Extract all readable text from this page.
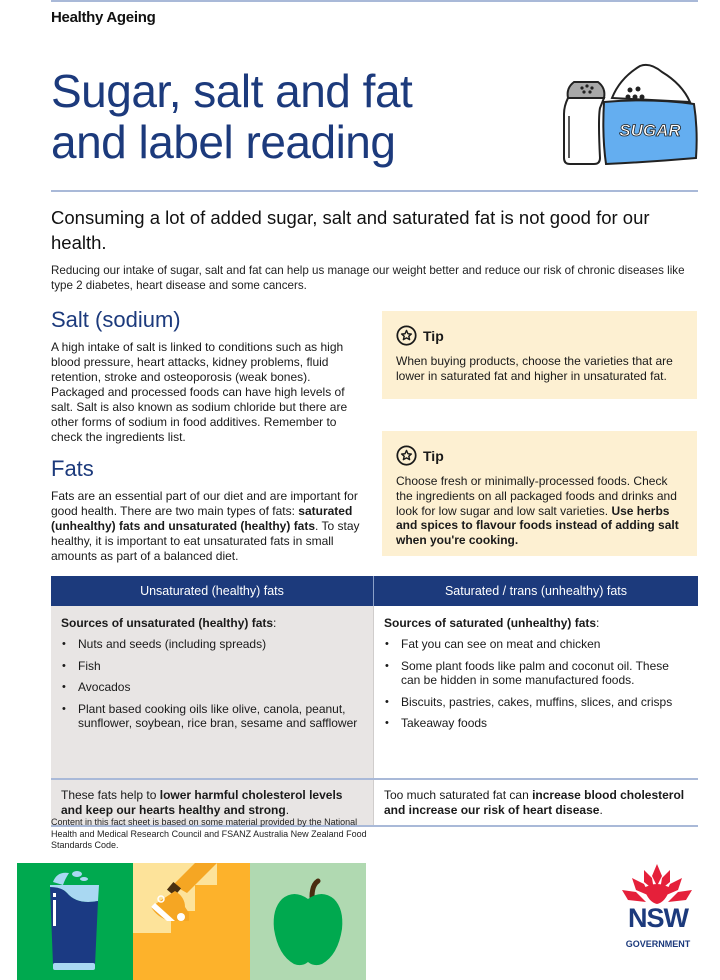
Healthy Ageing
Sugar, salt and fat
and label reading	SUGAR

Consuming a lot of added sugar, salt and saturated fat is not good for our health.

Reducing our intake of sugar, salt and fat can help us manage our weight better and reduce our risk of chronic diseases like type 2 diabetes, heart disease and some cancers.

Salt (sodium)

A high intake of salt is linked to conditions such as high blood pressure, heart attacks, kidney problems, fluid retention, stroke and osteoporosis (weak bones). Packaged and processed foods can have high levels of salt. Salt is also known as sodium chloride but there are other forms of sodium in food additives. Remember to check the ingredients list.

Fats

Fats are an essential part of our diet and are important for good health. There are two main types of fats: saturated (unhealthy) fats and unsaturated (healthy) fats. To stay healthy, it is important to eat unsaturated fats in small amounts as part of a balanced diet.

Tip

When buying products, choose the varieties that are lower in saturated fat and higher in unsaturated fat.

Tip

Choose fresh or minimally-processed foods. Check the ingredients on all packaged foods and drinks and look for low sugar and low salt varieties. Use herbs and spices to flavour foods instead of adding salt when you're cooking.

Unsaturated (healthy) fats	Saturated / trans (unhealthy) fats
Sources of unsaturated (healthy) fats:
• Nuts and seeds (including spreads)
• Fish
• Avocados
• Plant based cooking oils like olive, canola, peanut, sunflower, soybean, rice bran, sesame and safflower
Sources of saturated (unhealthy) fats:
• Fat you can see on meat and chicken
• Some plant foods like palm and coconut oil. These can be hidden in some manufactured foods.
• Biscuits, pastries, cakes, muffins, slices, and crisps
• Takeaway foods
These fats help to lower harmful cholesterol levels and keep our hearts healthy and strong.
Too much saturated fat can increase blood cholesterol and increase our risk of heart disease.

Content in this fact sheet is based on some material provided by the National Health and Medical Research Council and FSANZ Australia New Zealand Food Standards Code.

NSW
GOVERNMENT
